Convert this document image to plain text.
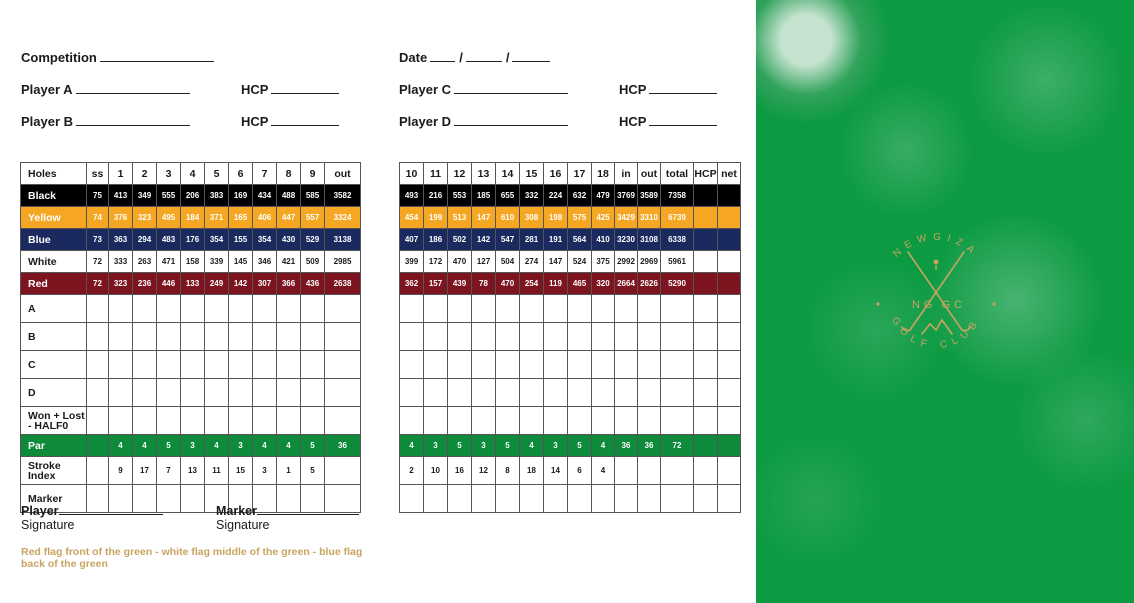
Competition
Player A	HCP
Player B	HCP
Date /	/
Player C	HCP
Player D	HCP
Holes	ss	1	2	3	4	5	6	7	8	9	out
Black	75	413	349	555	206	383	169	434	488	585	3582
Yellow	74	376	323	495	184	371	165	406	447	557	3324
Blue	73	363	294	483	176	354	155	354	430	529	3138
White	72	333	263	471	158	339	145	346	421	509	2985
Red	72	323	236	446	133	249	142	307	366	436	2638
A											
B											
C											
D											
Won + Lost - HALF0											
Par		4	4	5	3	4	3	4	4	5	36
Stroke Index		9	17	7	13	11	15	3	1	5	
Marker											
10	11	12	13	14	15	16	17	18	in	out	total	HCP	net
493	216	553	185	655	332	224	632	479	3769	3589	7358		
454	199	513	147	610	308	198	575	425	3429	3310	6739		
407	186	502	142	547	281	191	564	410	3230	3108	6338		
399	172	470	127	504	274	147	524	375	2992	2969	5961		
362	157	439	78	470	254	119	465	320	2664	2626	5290		

4	3	5	3	5	4	3	5	4	36	36	72		
2	10	16	12	8	18	14	6	4					

Player
Signature
Marker
Signature
Red flag front of the green - white flag middle of the green - blue flag back of the green
NEWGIZA
GOLF CLUB
N G G C
